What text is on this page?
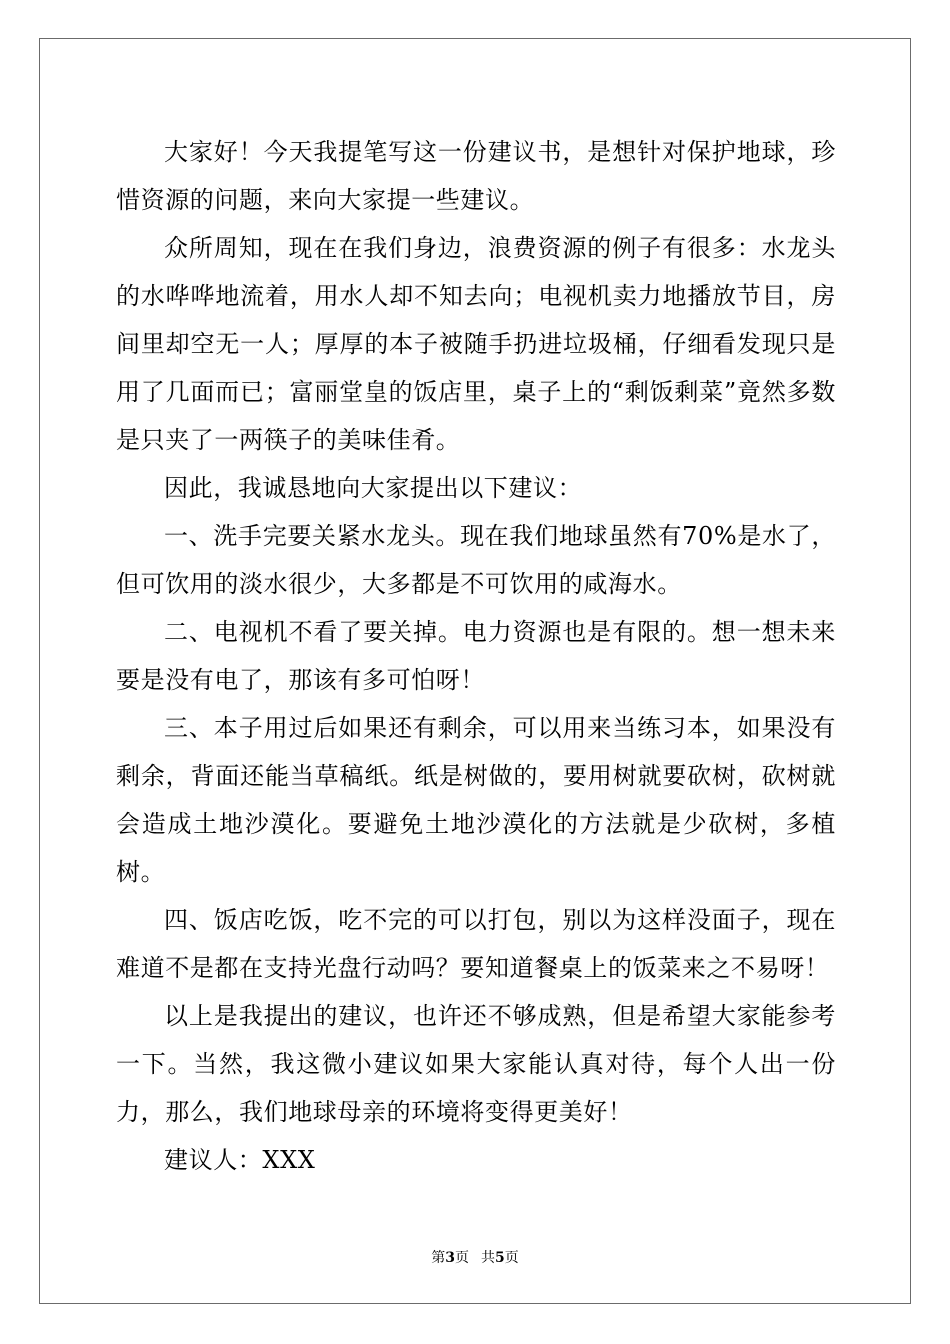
大家好！今天我提笔写这一份建议书，是想针对保护地球，珍惜资源的问题，来向大家提一些建议。

众所周知，现在在我们身边，浪费资源的例子有很多：水龙头的水哗哗地流着，用水人却不知去向；电视机卖力地播放节目，房间里却空无一人；厚厚的本子被随手扔进垃圾桶，仔细看发现只是用了几面而已；富丽堂皇的饭店里，桌子上的“剩饭剩菜”竟然多数是只夹了一两筷子的美味佳肴。

因此，我诚恳地向大家提出以下建议：

一、洗手完要关紧水龙头。现在我们地球虽然有70%是水了，但可饮用的淡水很少，大多都是不可饮用的咸海水。

二、电视机不看了要关掉。电力资源也是有限的。想一想未来要是没有电了，那该有多可怕呀！

三、本子用过后如果还有剩余，可以用来当练习本，如果没有剩余，背面还能当草稿纸。纸是树做的，要用树就要砍树，砍树就会造成土地沙漠化。要避免土地沙漠化的方法就是少砍树，多植树。

四、饭店吃饭，吃不完的可以打包，别以为这样没面子，现在难道不是都在支持光盘行动吗？要知道餐桌上的饭菜来之不易呀！

以上是我提出的建议，也许还不够成熟，但是希望大家能参考一下。当然，我这微小建议如果大家能认真对待，每个人出一份力，那么，我们地球母亲的环境将变得更美好！

建议人：XXX

第3页 共5页
